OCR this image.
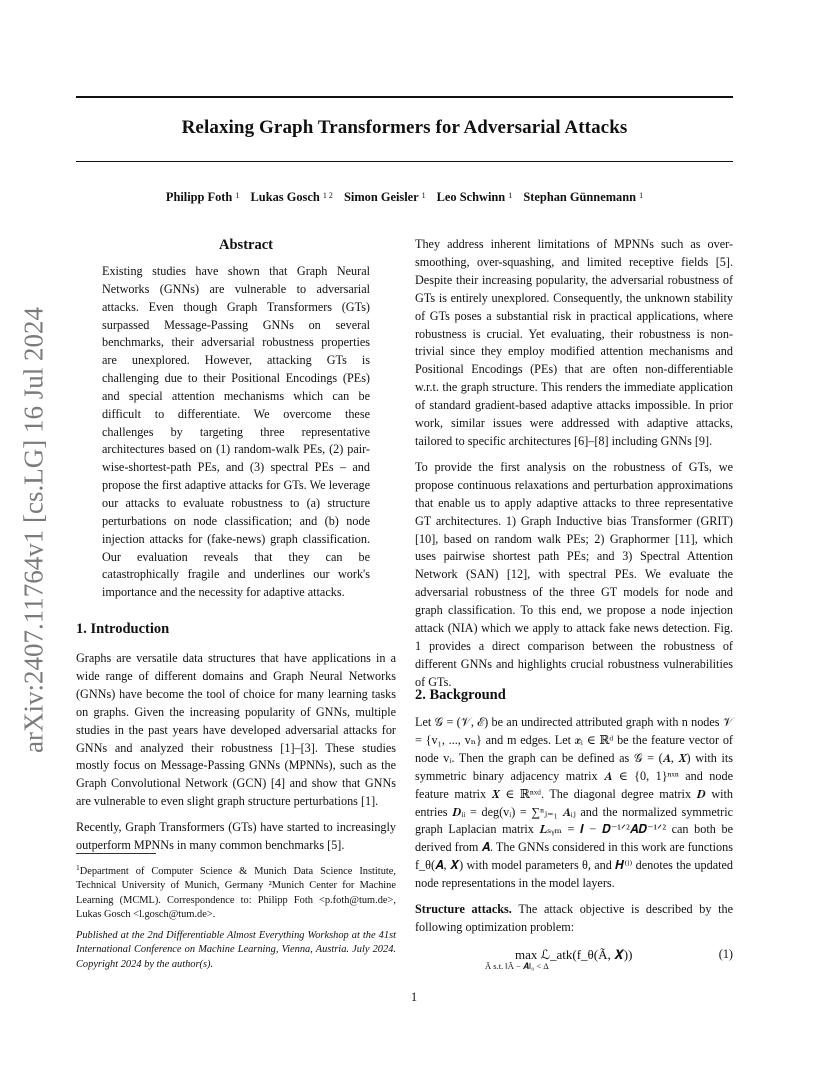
Relaxing Graph Transformers for Adversarial Attacks
Philipp Foth $^1$ Lukas Gosch $^{1 2}$ Simon Geisler $^1$ Leo Schwinn $^1$ Stephan Günnemann $^1$
arXiv:2407.11764v1 [cs.LG] 16 Jul 2024
Abstract
Existing studies have shown that Graph Neural Networks (GNNs) are vulnerable to adversarial attacks. Even though Graph Transformers (GTs) surpassed Message-Passing GNNs on several benchmarks, their adversarial robustness properties are unexplored. However, attacking GTs is challenging due to their Positional Encodings (PEs) and special attention mechanisms which can be difficult to differentiate. We overcome these challenges by targeting three representative architectures based on (1) random-walk PEs, (2) pair-wise-shortest-path PEs, and (3) spectral PEs – and propose the first adaptive attacks for GTs. We leverage our attacks to evaluate robustness to (a) structure perturbations on node classification; and (b) node injection attacks for (fake-news) graph classification. Our evaluation reveals that they can be catastrophically fragile and underlines our work's importance and the necessity for adaptive attacks.
1. Introduction

Graphs are versatile data structures that have applications in a wide range of different domains and Graph Neural Networks (GNNs) have become the tool of choice for many learning tasks on graphs. Given the increasing popularity of GNNs, multiple studies in the past years have developed adversarial attacks for GNNs and analyzed their robustness [1]–[3]. These studies mostly focus on Message-Passing GNNs (MPNNs), such as the Graph Convolutional Network (GCN) [4] and show that GNNs are vulnerable to even slight graph structure perturbations [1].

Recently, Graph Transformers (GTs) have started to increasingly outperform MPNNs in many common benchmarks [5].

$^1$Department of Computer Science & Munich Data Science Institute, Technical University of Munich, Germany ²Munich Center for Machine Learning (MCML). Correspondence to: Philipp Foth <p.foth@tum.de>, Lukas Gosch <l.gosch@tum.de>.
Published at the 2nd Differentiable Almost Everything Workshop at the 41st International Conference on Machine Learning, Vienna, Austria. July 2024. Copyright 2024 by the author(s).

They address inherent limitations of MPNNs such as over-smoothing, over-squashing, and limited receptive fields [5]. Despite their increasing popularity, the adversarial robustness of GTs is entirely unexplored. Consequently, the unknown stability of GTs poses a substantial risk in practical applications, where robustness is crucial. Yet evaluating, their robustness is non-trivial since they employ modified attention mechanisms and Positional Encodings (PEs) that are often non-differentiable w.r.t. the graph structure. This renders the immediate application of standard gradient-based adaptive attacks impossible. In prior work, similar issues were addressed with adaptive attacks, tailored to specific architectures [6]–[8] including GNNs [9].

To provide the first analysis on the robustness of GTs, we propose continuous relaxations and perturbation approximations that enable us to apply adaptive attacks to three representative GT architectures. 1) Graph Inductive bias Transformer (GRIT) [10], based on random walk PEs; 2) Graphormer [11], which uses pairwise shortest path PEs; and 3) Spectral Attention Network (SAN) [12], with spectral PEs. We evaluate the adversarial robustness of the three GT models for node and graph classification. To this end, we propose a node injection attack (NIA) which we apply to attack fake news detection. Fig. 1 provides a direct comparison between the robustness of different GNNs and highlights crucial robustness vulnerabilities of GTs.

2. Background

Let 𝒢 = (𝒱, ℰ) be an undirected attributed graph with n nodes 𝒱 = {v₁, ..., vₙ} and m edges. Let 𝒙ᵢ ∈ ℝᵈ be the feature vector of node vᵢ. Then the graph can be defined as 𝒢 = (𝑨, 𝑿) with its symmetric binary adjacency matrix 𝑨 ∈ {0, 1}ⁿˣⁿ and node feature matrix 𝑿 ∈ ℝⁿˣᵈ. The diagonal degree matrix 𝑫 with entries 𝑫ᵢᵢ = deg(vᵢ) = ∑ⁿⱼ₌₁ 𝑨ᵢⱼ and the normalized symmetric graph Laplacian matrix 𝑳ₛᵧₘ = 𝑰 − 𝑫⁻¹ᐟ²𝑨𝑫⁻¹ᐟ² can both be derived from 𝑨. The GNNs considered in this work are functions f_θ(𝑨, 𝑿) with model parameters θ, and 𝑯⁽ˡ⁾ denotes the updated node representations in the model layers.

Structure attacks. The attack objective is described by the following optimization problem:

max ℒ_atk(f_θ(Ã, 𝑿))
Ã s.t. ‖Ã − 𝑨‖₀ < Δ
(1)
1
